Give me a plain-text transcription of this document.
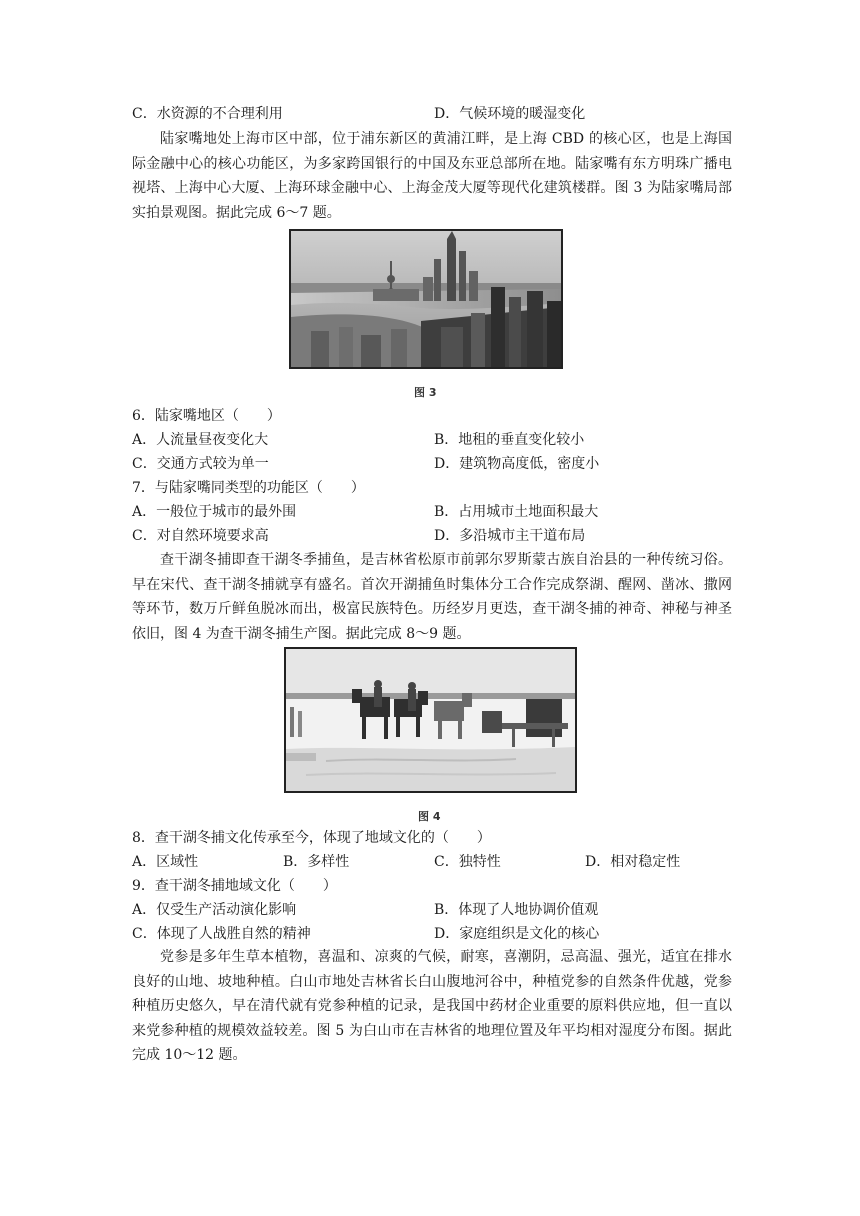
C．水资源的不合理利用	D．气候环境的暖湿变化
陆家嘴地处上海市区中部，位于浦东新区的黄浦江畔，是上海 CBD 的核心区，也是上海国际金融中心的核心功能区，为多家跨国银行的中国及东亚总部所在地。陆家嘴有东方明珠广播电视塔、上海中心大厦、上海环球金融中心、上海金茂大厦等现代化建筑楼群。图 3 为陆家嘴局部实拍景观图。据此完成 6～7 题。
图 3
6．陆家嘴地区（　　）
A．人流量昼夜变化大	B．地租的垂直变化较小
C．交通方式较为单一	D．建筑物高度低，密度小
7．与陆家嘴同类型的功能区（　　）
A．一般位于城市的最外围	B．占用城市土地面积最大
C．对自然环境要求高	D．多沿城市主干道布局
查干湖冬捕即查干湖冬季捕鱼，是吉林省松原市前郭尔罗斯蒙古族自治县的一种传统习俗。早在宋代、查干湖冬捕就享有盛名。首次开湖捕鱼时集体分工合作完成祭湖、醒网、凿冰、撒网等环节，数万斤鲜鱼脱冰而出，极富民族特色。历经岁月更迭，查干湖冬捕的神奇、神秘与神圣依旧，图 4 为查干湖冬捕生产图。据此完成 8～9 题。
图 4
8．查干湖冬捕文化传承至今，体现了地域文化的（　　）
A．区域性	B．多样性	C．独特性	D．相对稳定性
9．查干湖冬捕地域文化（　　）
A．仅受生产活动演化影响	B．体现了人地协调价值观
C．体现了人战胜自然的精神	D．家庭组织是文化的核心
党参是多年生草本植物，喜温和、凉爽的气候，耐寒，喜潮阴，忌高温、强光，适宜在排水良好的山地、坡地种植。白山市地处吉林省长白山腹地河谷中，种植党参的自然条件优越，党参种植历史悠久，早在清代就有党参种植的记录，是我国中药材企业重要的原料供应地，但一直以来党参种植的规模效益较差。图 5 为白山市在吉林省的地理位置及年平均相对湿度分布图。据此完成 10～12 题。
